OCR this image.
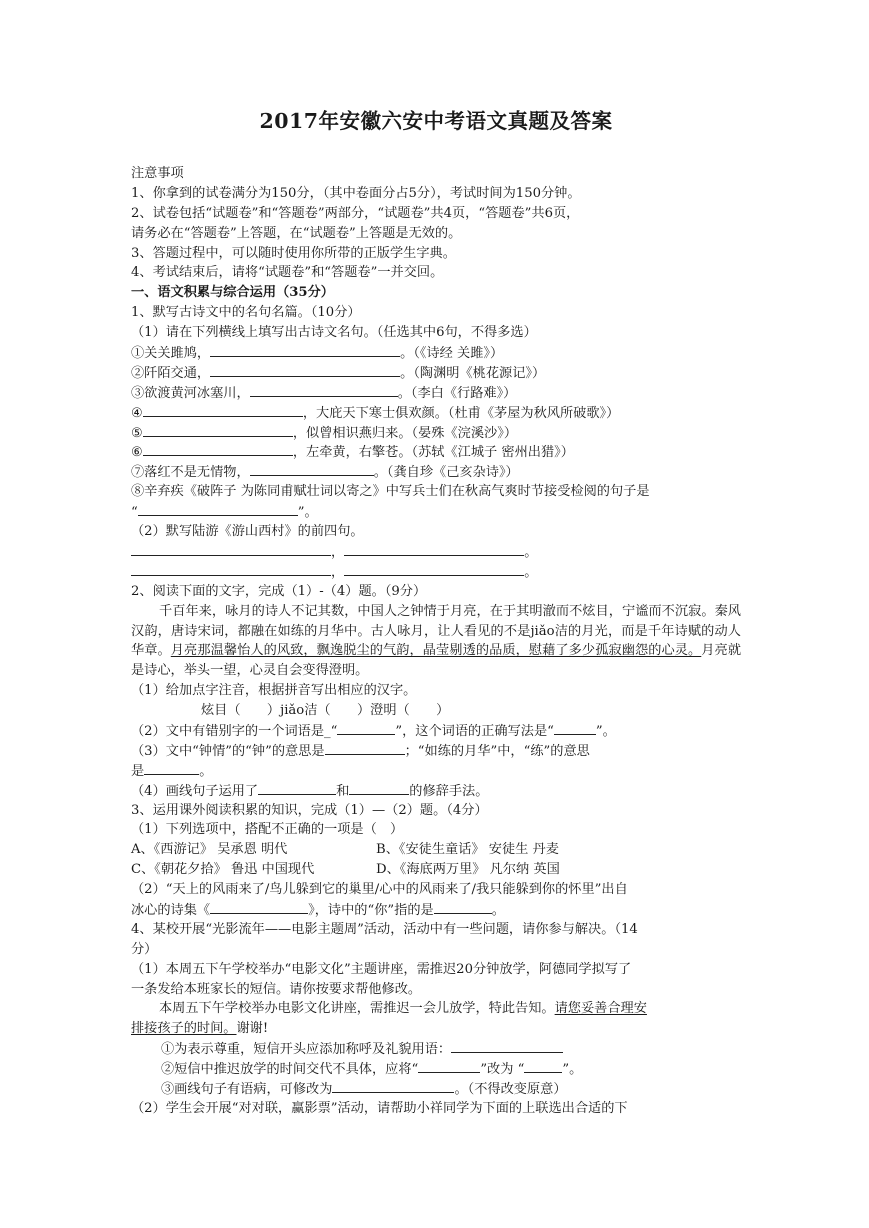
2017年安徽六安中考语文真题及答案
注意事项
1、你拿到的试卷满分为150分，（其中卷面分占5分），考试时间为150分钟。
2、试卷包括“试题卷”和“答题卷”两部分，“试题卷”共4页，“答题卷”共6页，
请务必在“答题卷”上答题，在“试题卷”上答题是无效的。
3、答题过程中，可以随时使用你所带的正版学生字典。
4、考试结束后，请将“试题卷”和“答题卷”一并交回。
一、语文积累与综合运用（35分）
1、默写古诗文中的名句名篇。（10分）
（1）请在下列横线上填写出古诗文名句。（任选其中6句，不得多选）
①关关雎鸠，	。（《诗经 关雎》）
②阡陌交通，	。（陶渊明《桃花源记》）
③欲渡黄河冰塞川，	。（李白《行路难》）
④	，大庇天下寒士俱欢颜。（杜甫《茅屋为秋风所破歌》）
⑤	，似曾相识燕归来。（晏殊《浣溪沙》）
⑥	，左牵黄，右擎苍。（苏轼《江城子 密州出猎》）
⑦落红不是无情物，	。（龚自珍《己亥杂诗》）
⑧辛弃疾《破阵子 为陈同甫赋壮词以寄之》中写兵士们在秋高气爽时节接受检阅的句子是
“	”。
（2）默写陆游《游山西村》的前四句。
，	。
，	。
2、阅读下面的文字，完成（1）-（4）题。（9分）
千百年来，咏月的诗人不记其数，中国人之钟情于月亮，在于其明澈而不炫目，宁谧而不沉寂。秦风汉韵，唐诗宋词，都融在如练的月华中。古人咏月，让人看见的不是jiǎo洁的月光，而是千年诗赋的动人华章。月亮那温馨怡人的风致，飘逸脱尘的气韵，晶莹剔透的品质，慰藉了多少孤寂幽怨的心灵。月亮就是诗心，举头一望，心灵自会变得澄明。
（1）给加点字注音，根据拼音写出相应的汉字。
炫目（　　）jiǎo洁（　　）澄明（　　）
（2）文中有错别字的一个词语是_“	”，这个词语的正确写法是“	”。
（3）文中“钟情”的“钟”的意思是	；“如练的月华”中，“练”的意思
是	。
（4）画线句子运用了	和	的修辞手法。
3、运用课外阅读积累的知识，完成（1）—（2）题。（4分）
（1）下列选项中，搭配不正确的一项是（　）
A、《西游记》 吴承恩 明代	B、《安徒生童话》 安徒生 丹麦
C、《朝花夕拾》 鲁迅 中国现代	D、《海底两万里》 凡尔纳 英国
（2）“天上的风雨来了/鸟儿躲到它的巢里/心中的风雨来了/我只能躲到你的怀里”出自
冰心的诗集《	》，诗中的“你”指的是	。
4、某校开展“光影流年——电影主题周”活动，活动中有一些问题，请你参与解决。（14
分）
（1）本周五下午学校举办“电影文化”主题讲座，需推迟20分钟放学，阿德同学拟写了
一条发给本班家长的短信。请你按要求帮他修改。
本周五下午学校举办电影文化讲座，需推迟一会儿放学，特此告知。请您妥善合理安
排接孩子的时间。谢谢!
①为表示尊重，短信开头应添加称呼及礼貌用语：
②短信中推迟放学的时间交代不具体，应将“	”改为 “	”。
③画线句子有语病，可修改为	。（不得改变原意）
（2）学生会开展“对对联，赢影票”活动，请帮助小祥同学为下面的上联选出合适的下
